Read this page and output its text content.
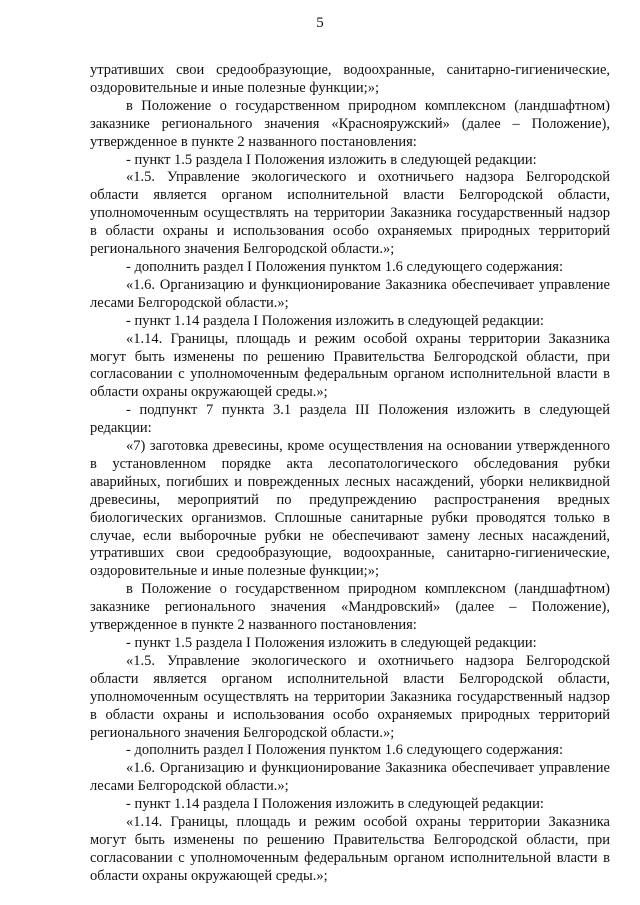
5

утративших свои средообразующие, водоохранные, санитарно-гигиенические, оздоровительные и иные полезные функции;»;

в Положение о государственном природном комплексном (ландшафтном) заказнике регионального значения «Краснояружский» (далее – Положение), утвержденное в пункте 2 названного постановления:

- пункт 1.5 раздела I Положения изложить в следующей редакции:

«1.5. Управление экологического и охотничьего надзора Белгородской области является органом исполнительной власти Белгородской области, уполномоченным осуществлять на территории Заказника государственный надзор в области охраны и использования особо охраняемых природных территорий регионального значения Белгородской области.»;

- дополнить раздел I Положения пунктом 1.6 следующего содержания:

«1.6. Организацию и функционирование Заказника обеспечивает управление лесами Белгородской области.»;

- пункт 1.14 раздела I Положения изложить в следующей редакции:

«1.14. Границы, площадь и режим особой охраны территории Заказника могут быть изменены по решению Правительства Белгородской области, при согласовании с уполномоченным федеральным органом исполнительной власти в области охраны окружающей среды.»;

- подпункт 7 пункта 3.1 раздела III Положения изложить в следующей редакции:

«7) заготовка древесины, кроме осуществления на основании утвержденного в установленном порядке акта лесопатологического обследования рубки аварийных, погибших и поврежденных лесных насаждений, уборки неликвидной древесины, мероприятий по предупреждению распространения вредных биологических организмов. Сплошные санитарные рубки проводятся только в случае, если выборочные рубки не обеспечивают замену лесных насаждений, утративших свои средообразующие, водоохранные, санитарно-гигиенические, оздоровительные и иные полезные функции;»;

в Положение о государственном природном комплексном (ландшафтном) заказнике регионального значения «Мандровский» (далее – Положение), утвержденное в пункте 2 названного постановления:

- пункт 1.5 раздела I Положения изложить в следующей редакции:

«1.5. Управление экологического и охотничьего надзора Белгородской области является органом исполнительной власти Белгородской области, уполномоченным осуществлять на территории Заказника государственный надзор в области охраны и использования особо охраняемых природных территорий регионального значения Белгородской области.»;

- дополнить раздел I Положения пунктом 1.6 следующего содержания:

«1.6. Организацию и функционирование Заказника обеспечивает управление лесами Белгородской области.»;

- пункт 1.14 раздела I Положения изложить в следующей редакции:

«1.14. Границы, площадь и режим особой охраны территории Заказника могут быть изменены по решению Правительства Белгородской области, при согласовании с уполномоченным федеральным органом исполнительной власти в области охраны окружающей среды.»;
